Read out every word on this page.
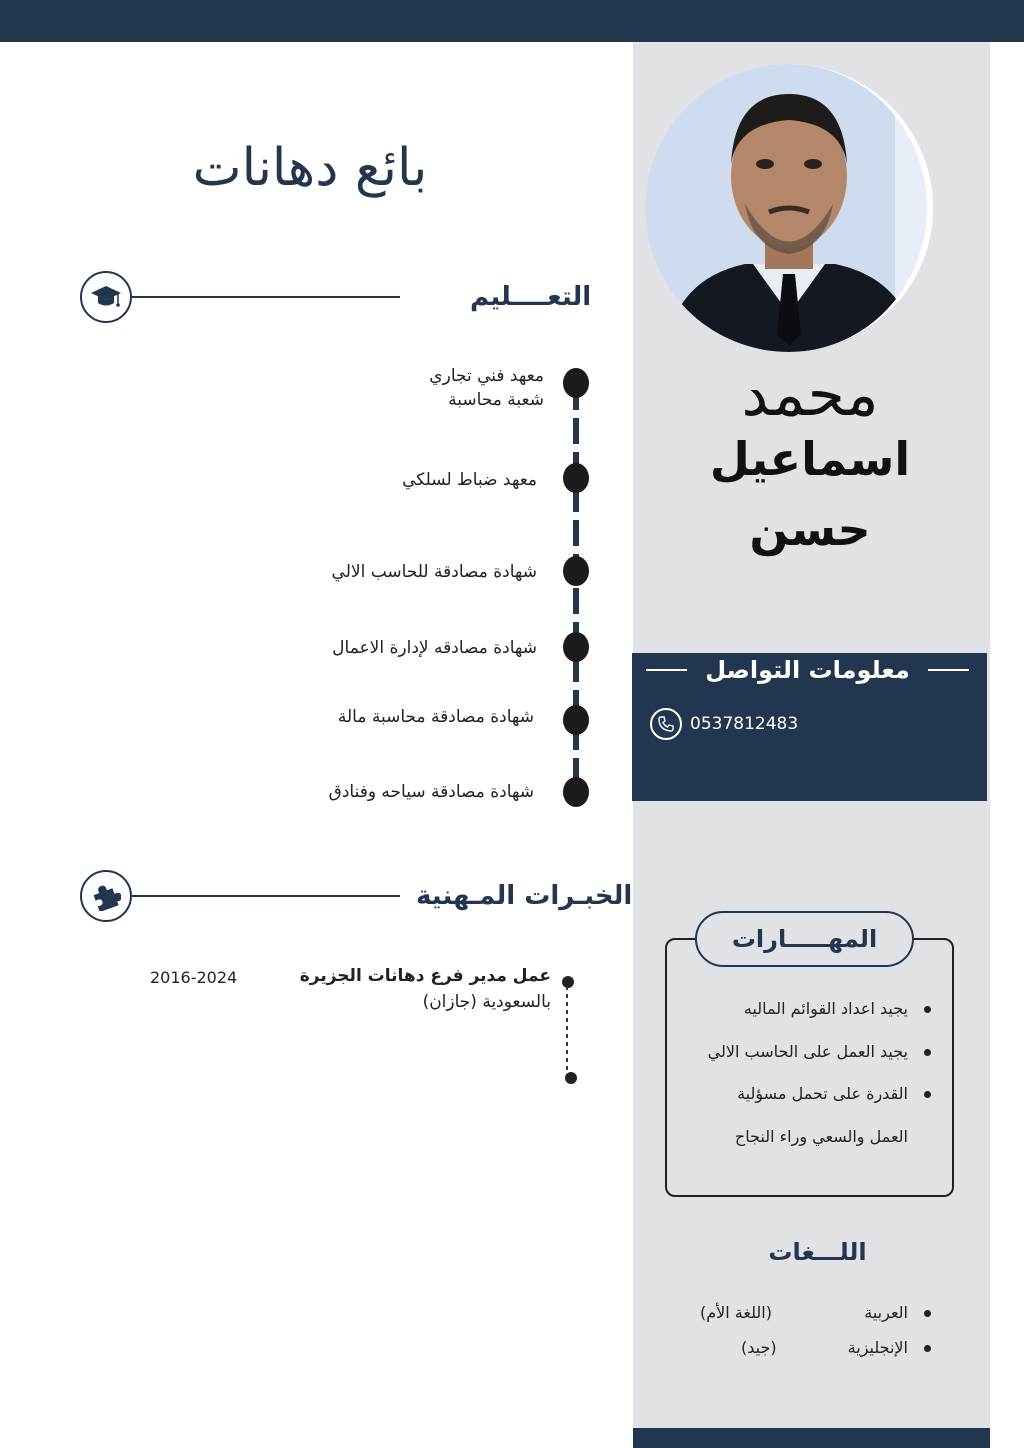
محمد
اسماعيل
حسن
بائع دهانات
التعــــليم
معهد فني تجاري
شعبة محاسبة
معهد ضباط لسلكي
شهادة مصادقة للحاسب الالي
شهادة مصادقه لإدارة الاعمال
شهادة مصادقة محاسبة مالة
شهادة مصادقة سياحه وفنادق
معلومات التواصل
0537812483
الخبـرات المـهنية
عمل مدير فرع دهانات الجزيرة
بالسعودية (جازان)
2016-2024
المهـــــارات
يجيد اعداد القوائم الماليه
يجيد العمل على الحاسب الالي
القدرة على تحمل مسؤلية
العمل والسعي وراء النجاح
اللـــغات
العربية
(اللغة الأم)
الإنجليزية
(جيد)
